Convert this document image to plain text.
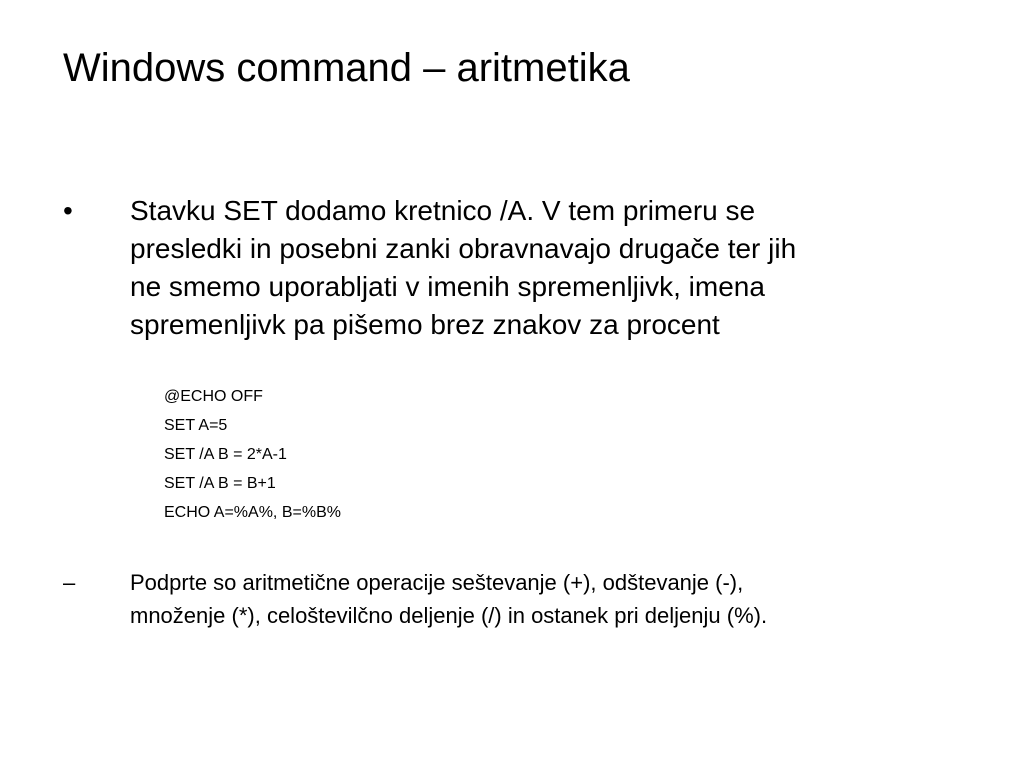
Windows command – aritmetika
• Stavku SET dodamo kretnico /A. V tem primeru se
presledki in posebni zanki obravnavajo drugače ter jih
ne smemo uporabljati v imenih spremenljivk, imena
spremenljivk pa pišemo brez znakov za procent
@ECHO OFF
SET A=5
SET /A B = 2*A-1
SET /A B = B+1
ECHO A=%A%, B=%B%
– Podprte so aritmetične operacije seštevanje (+), odštevanje (-),
množenje (*), celoštevilčno deljenje (/) in ostanek pri deljenju (%).
